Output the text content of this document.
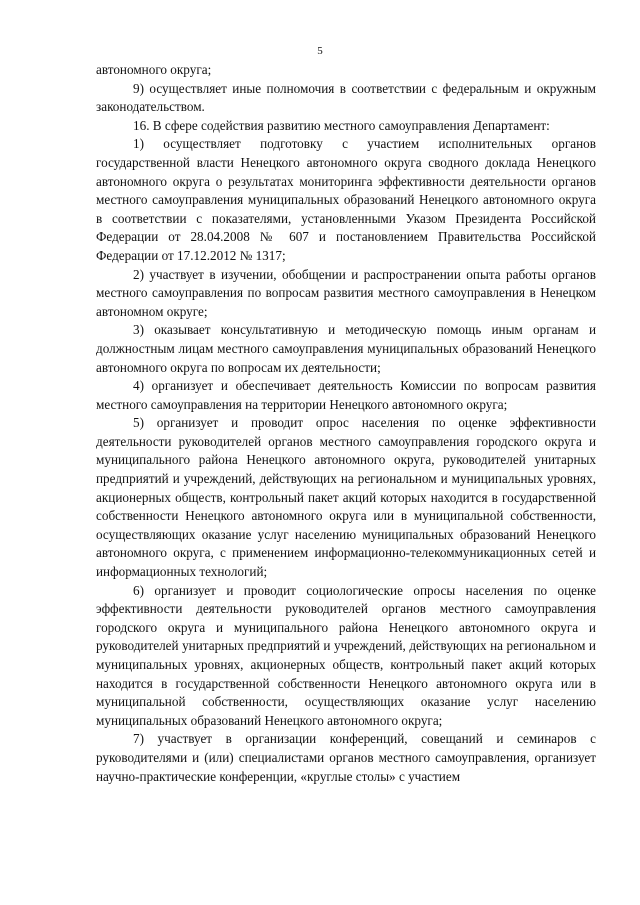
5

автономного округа;

9) осуществляет иные полномочия в соответствии с федеральным и окружным законодательством.

16. В сфере содействия развитию местного самоуправления Департамент:

1) осуществляет подготовку с участием исполнительных органов государственной власти Ненецкого автономного округа сводного доклада Ненецкого автономного округа о результатах мониторинга эффективности деятельности органов местного самоуправления муниципальных образований Ненецкого автономного округа в соответствии с показателями, установленными Указом Президента Российской Федерации от 28.04.2008 № 607 и постановлением Правительства Российской Федерации от 17.12.2012 № 1317;

2) участвует в изучении, обобщении и распространении опыта работы органов местного самоуправления по вопросам развития местного самоуправления в Ненецком автономном округе;

3) оказывает консультативную и методическую помощь иным органам и должностным лицам местного самоуправления муниципальных образований Ненецкого автономного округа по вопросам их деятельности;

4) организует и обеспечивает деятельность Комиссии по вопросам развития местного самоуправления на территории Ненецкого автономного округа;

5) организует и проводит опрос населения по оценке эффективности деятельности руководителей органов местного самоуправления городского округа и муниципального района Ненецкого автономного округа, руководителей унитарных предприятий и учреждений, действующих на региональном и муниципальных уровнях, акционерных обществ, контрольный пакет акций которых находится в государственной собственности Ненецкого автономного округа или в муниципальной собственности, осуществляющих оказание услуг населению муниципальных образований Ненецкого автономного округа, с применением информационно-телекоммуникационных сетей и информационных технологий;

6) организует и проводит социологические опросы населения по оценке эффективности деятельности руководителей органов местного самоуправления городского округа и муниципального района Ненецкого автономного округа и руководителей унитарных предприятий и учреждений, действующих на региональном и муниципальных уровнях, акционерных обществ, контрольный пакет акций которых находится в государственной собственности Ненецкого автономного округа или в муниципальной собственности, осуществляющих оказание услуг населению муниципальных образований Ненецкого автономного округа;

7) участвует в организации конференций, совещаний и семинаров с руководителями и (или) специалистами органов местного самоуправления, организует научно-практические конференции, «круглые столы» с участием
